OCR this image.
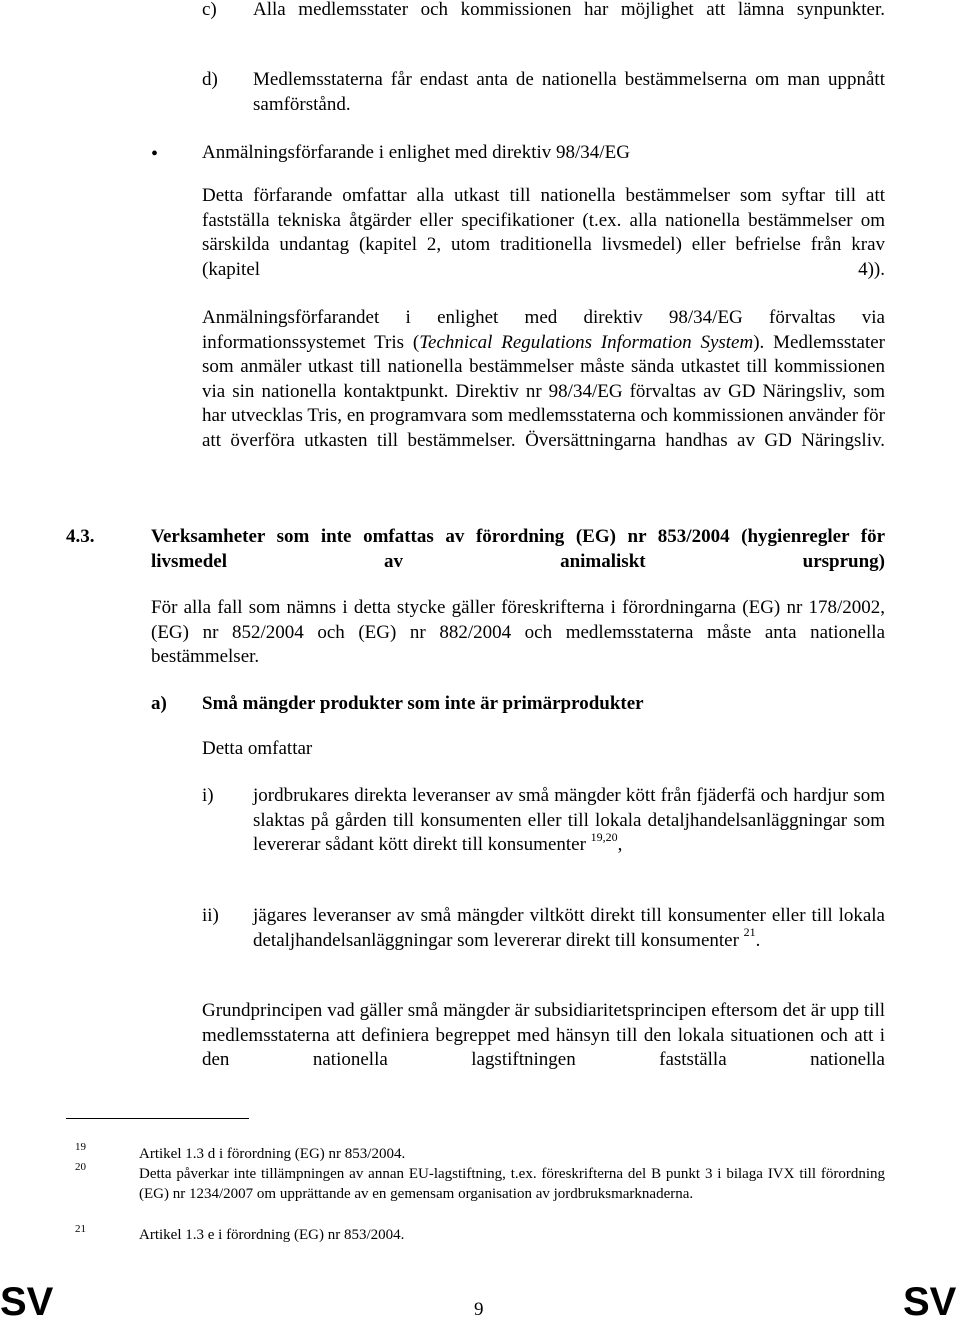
c) Alla medlemsstater och kommissionen har möjlighet att lämna synpunkter.
d) Medlemsstaterna får endast anta de nationella bestämmelserna om man uppnått samförstånd.
• Anmälningsförfarande i enlighet med direktiv 98/34/EG
Detta förfarande omfattar alla utkast till nationella bestämmelser som syftar till att fastställa tekniska åtgärder eller specifikationer (t.ex. alla nationella bestämmelser om särskilda undantag (kapitel 2, utom traditionella livsmedel) eller befrielse från krav (kapitel 4)).
Anmälningsförfarandet i enlighet med direktiv 98/34/EG förvaltas via informationssystemet Tris (Technical Regulations Information System). Medlemsstater som anmäler utkast till nationella bestämmelser måste sända utkastet till kommissionen via sin nationella kontaktpunkt. Direktiv nr 98/34/EG förvaltas av GD Näringsliv, som har utvecklas Tris, en programvara som medlemsstaterna och kommissionen använder för att överföra utkasten till bestämmelser. Översättningarna handhas av GD Näringsliv.
4.3.	Verksamheter som inte omfattas av förordning (EG) nr 853/2004 (hygienregler för livsmedel av animaliskt ursprung)
För alla fall som nämns i detta stycke gäller föreskrifterna i förordningarna (EG) nr 178/2002, (EG) nr 852/2004 och (EG) nr 882/2004 och medlemsstaterna måste anta nationella bestämmelser.
a) Små mängder produkter som inte är primärprodukter
Detta omfattar
i) jordbrukares direkta leveranser av små mängder kött från fjäderfä och hardjur som slaktas på gården till konsumenten eller till lokala detaljhandelsanläggningar som levererar sådant kött direkt till konsumenter $^{19,20}$,
ii) jägares leveranser av små mängder viltkött direkt till konsumenter eller till lokala detaljhandelsanläggningar som levererar direkt till konsumenter $^{21}$.
Grundprincipen vad gäller små mängder är subsidiaritetsprincipen eftersom det är upp till medlemsstaterna att definiera begreppet med hänsyn till den lokala situationen och att i den nationella lagstiftningen fastställa nationella
19	Artikel 1.3 d i förordning (EG) nr 853/2004.
20	Detta påverkar inte tillämpningen av annan EU-lagstiftning, t.ex. föreskrifterna del B punkt 3 i bilaga IVX till förordning (EG) nr 1234/2007 om upprättande av en gemensam organisation av jordbruksmarknaderna.
21	Artikel 1.3 e i förordning (EG) nr 853/2004.
SV	9	SV
